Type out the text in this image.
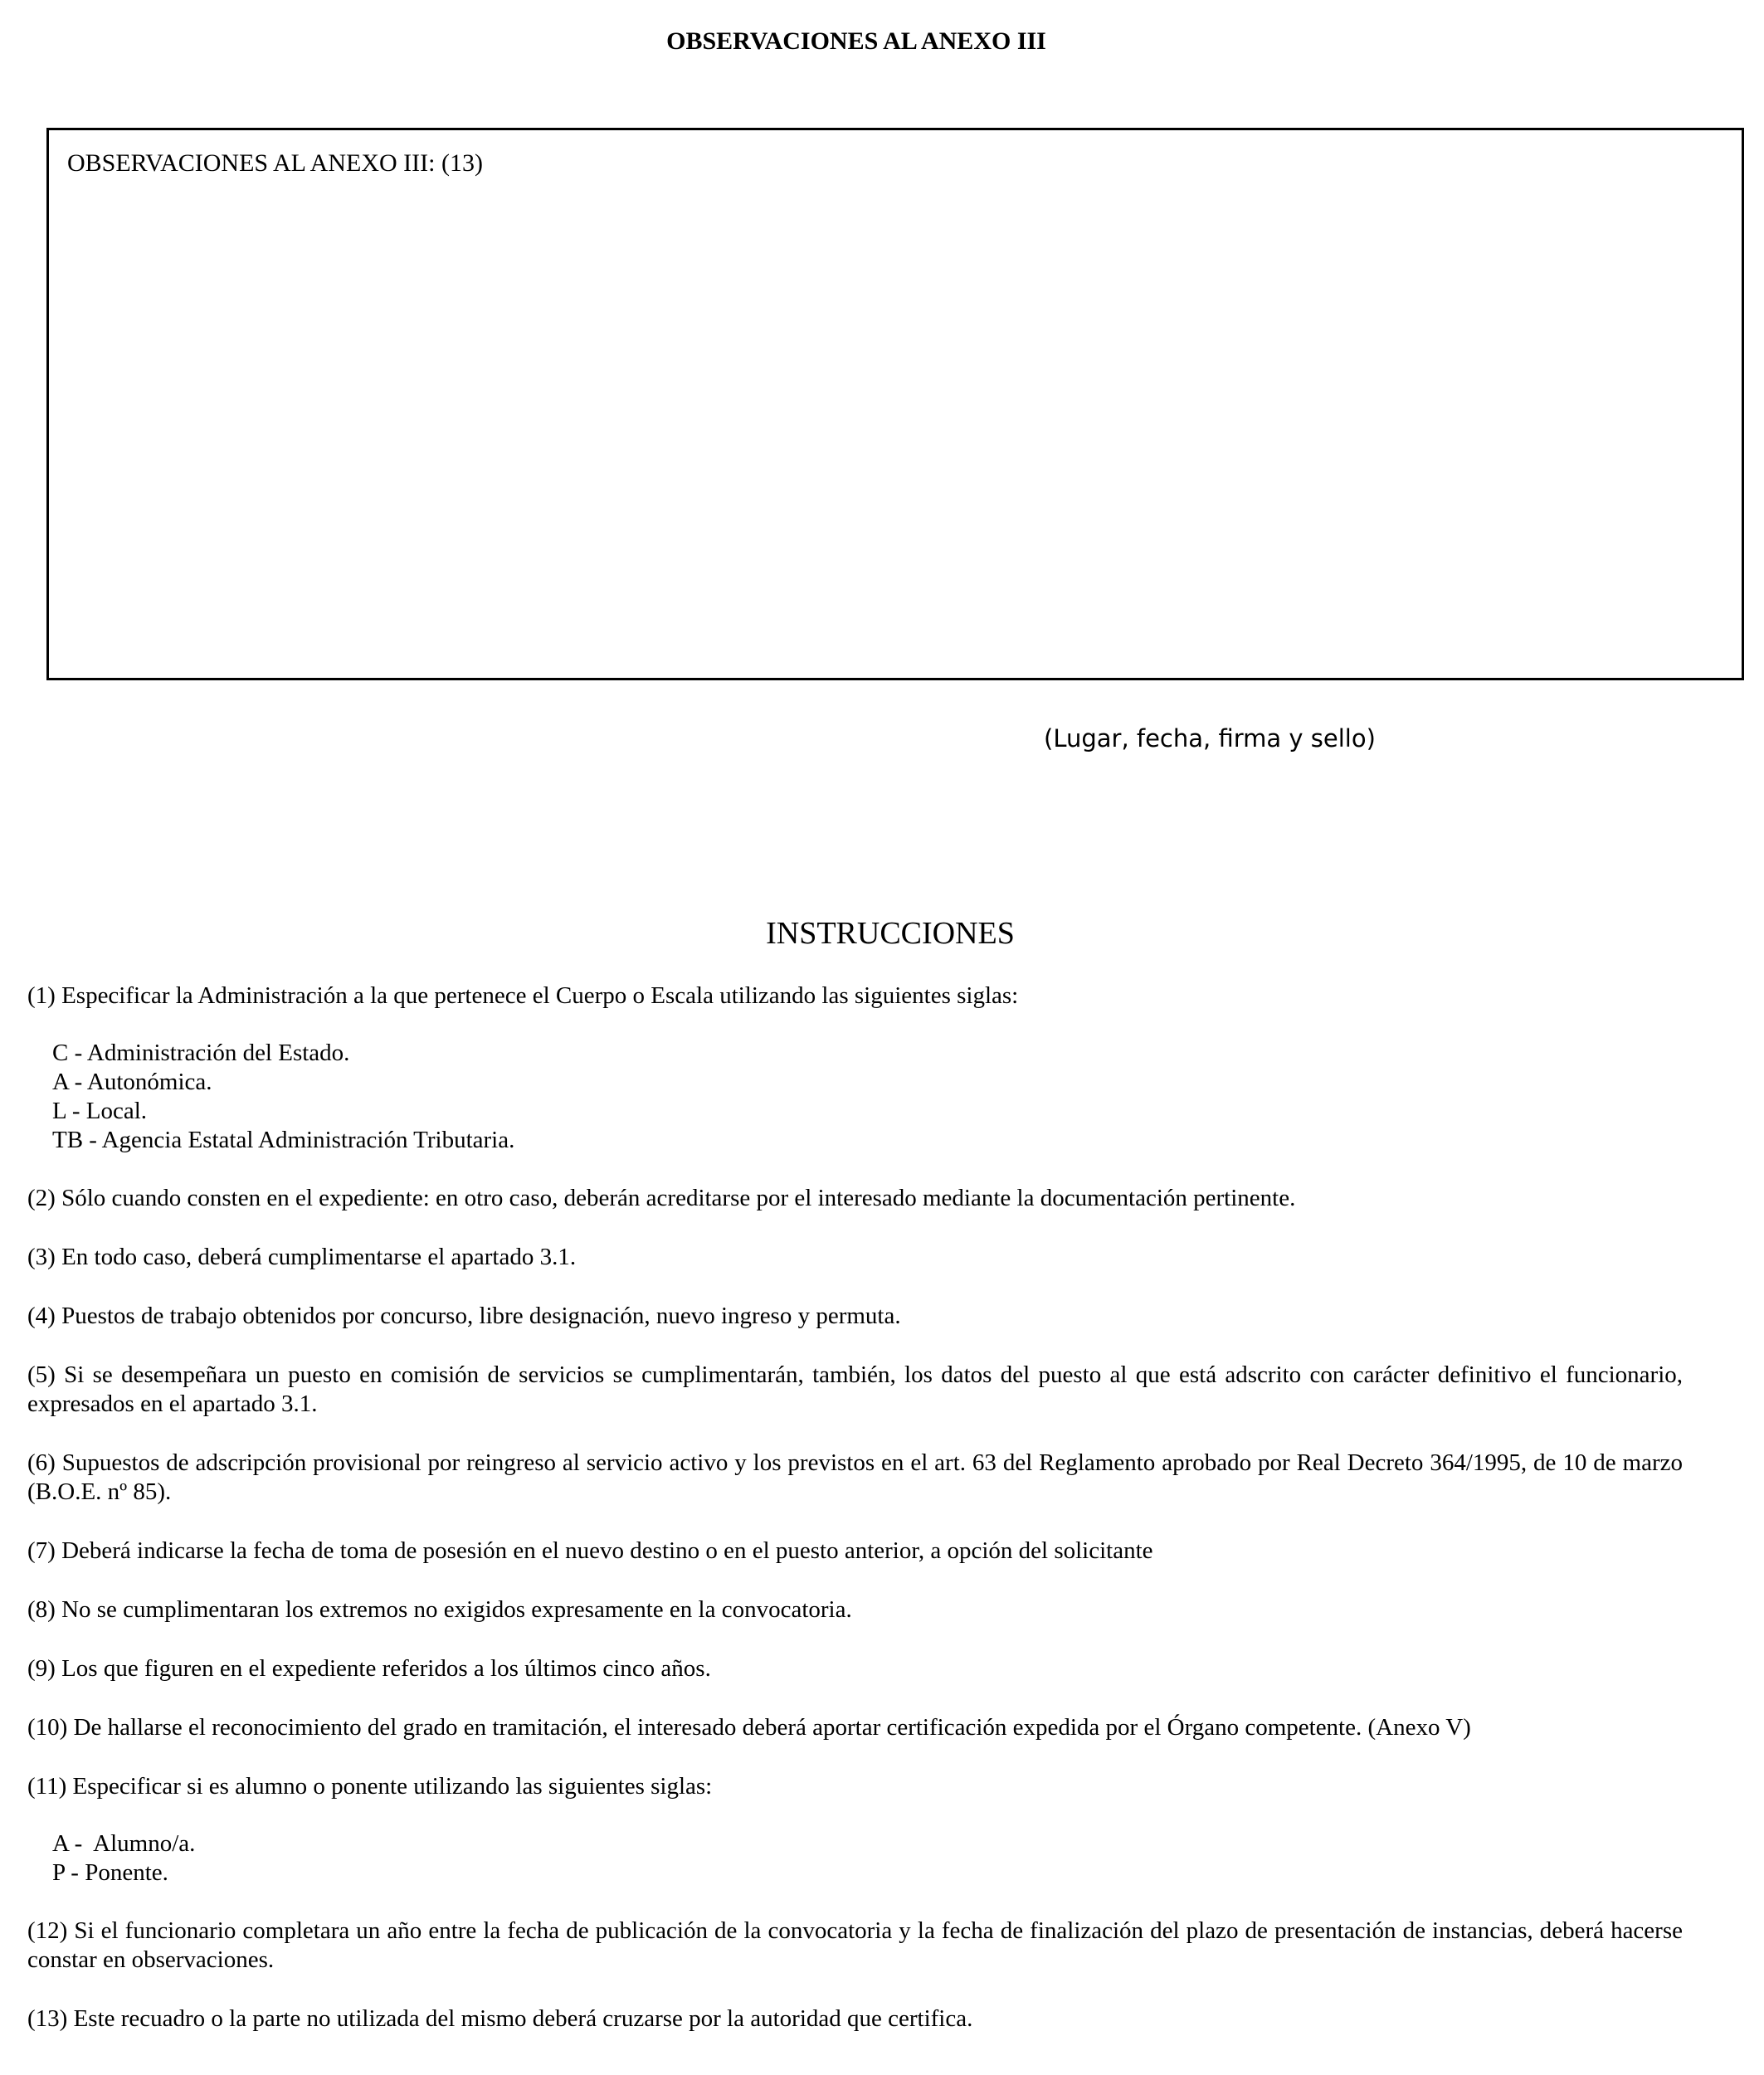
OBSERVACIONES AL ANEXO III
OBSERVACIONES AL ANEXO III: (13)
(Lugar, fecha, firma y sello)
INSTRUCCIONES

(1) Especificar la Administración a la que pertenece el Cuerpo o Escala utilizando las siguientes siglas:

C - Administración del Estado.
A - Autonómica.
L - Local.
TB - Agencia Estatal Administración Tributaria.

(2) Sólo cuando consten en el expediente: en otro caso, deberán acreditarse por el interesado mediante la documentación pertinente.

(3) En todo caso, deberá cumplimentarse el apartado 3.1.

(4) Puestos de trabajo obtenidos por concurso, libre designación, nuevo ingreso y permuta.

(5) Si se desempeñara un puesto en comisión de servicios se cumplimentarán, también, los datos del puesto al que está adscrito con carácter definitivo el funcionario, expresados en el apartado 3.1.

(6) Supuestos de adscripción provisional por reingreso al servicio activo y los previstos en el art. 63 del Reglamento aprobado por Real Decreto 364/1995, de 10 de marzo (B.O.E. nº 85).

(7) Deberá indicarse la fecha de toma de posesión en el nuevo destino o en el puesto anterior, a opción del solicitante

(8) No se cumplimentaran los extremos no exigidos expresamente en la convocatoria.

(9) Los que figuren en el expediente referidos a los últimos cinco años.

(10) De hallarse el reconocimiento del grado en tramitación, el interesado deberá aportar certificación expedida por el Órgano competente. (Anexo V)

(11) Especificar si es alumno o ponente utilizando las siguientes siglas:

A -  Alumno/a.
P - Ponente.

(12) Si el funcionario completara un año entre la fecha de publicación de la convocatoria y la fecha de finalización del plazo de presentación de instancias, deberá hacerse constar en observaciones.

(13) Este recuadro o la parte no utilizada del mismo deberá cruzarse por la autoridad que certifica.
